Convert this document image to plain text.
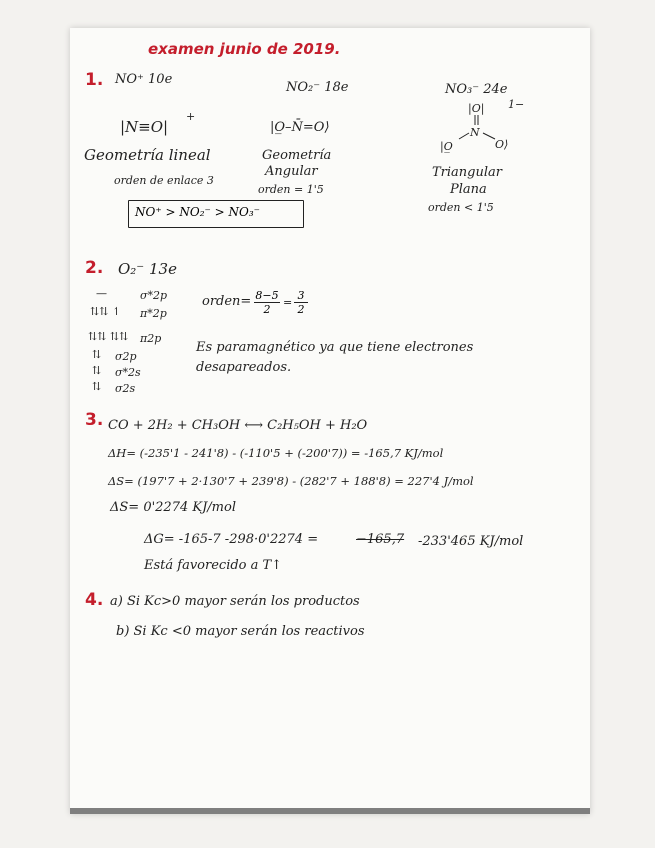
examen junio de 2019.
1. NO⁺ 10e
|N≡O|
+
Geometría lineal
orden de enlace 3
NO₂⁻ 18e
|O̲–N̄=O⟩
Geometría
Angular
orden = 1'5
NO₃⁻ 24e
|O| 1−
N
|O̲	O⟩
Triangular
Plana
orden < 1'5
NO⁺ > NO₂⁻ > NO₃⁻
2. O₂⁻ 13e
—	σ*2p
⇅⇅ ↿ π*2p
⇅⇅ ⇅⇅ π2p
⇅ σ2p
⇅ σ*2s
⇅ σ2s
orden= 8−5
2
=
3
2
Es paramagnético ya que tiene electrones
desapareados.
3. CO + 2H₂ + CH₃OH ⟷ C₂H₅OH + H₂O
ΔH= (-235'1 - 241'8) - (-110'5 + (-200'7)) = -165,7 KJ/mol
ΔS= (197'7 + 2·130'7 + 239'8) - (282'7 + 188'8) = 227'4 J/mol
ΔS= 0'2274 KJ/mol
ΔG= -165-7 -298·0'2274 =	−165,7 -233'465 KJ/mol
Está favorecido a T↑
4. a) Si Kc>0 mayor serán los productos
b) Si Kc <0 mayor serán los reactivos
